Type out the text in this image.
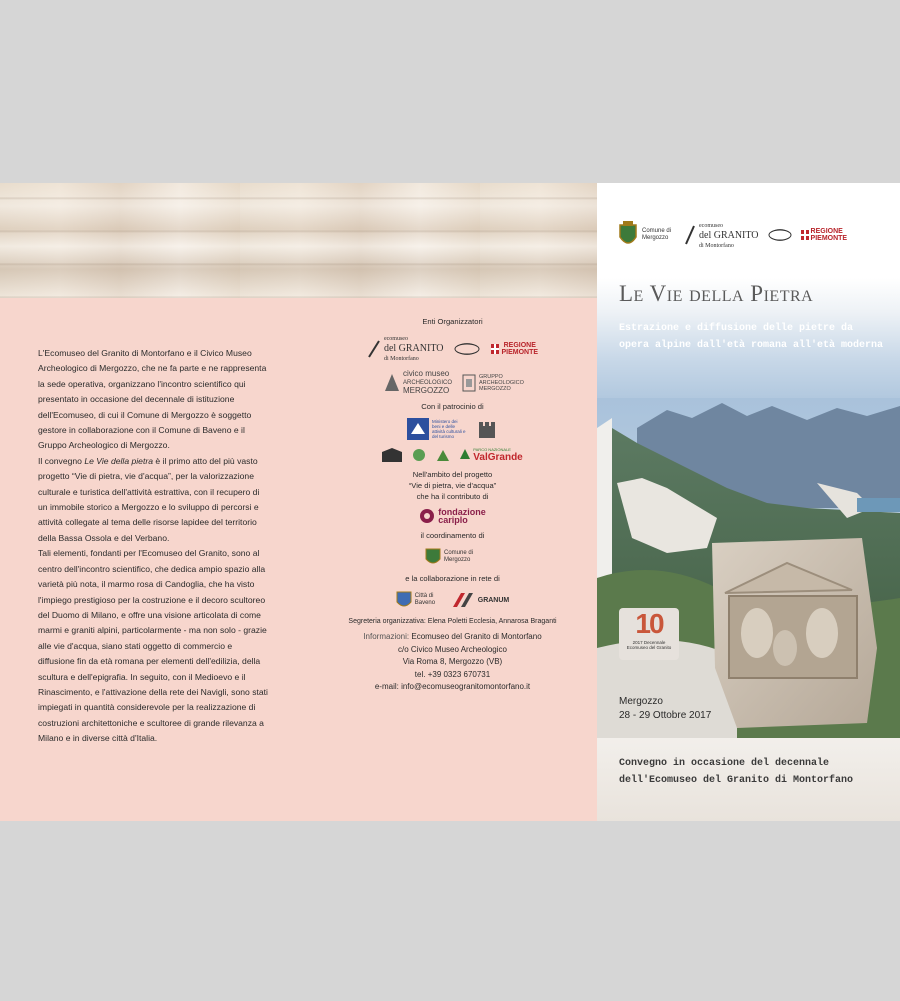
L'Ecomuseo del Granito di Montorfano e il Civico Museo Archeologico di Mergozzo, che ne fa parte e ne rappresenta la sede operativa, organizzano l'incontro scientifico qui presentato in occasione del decennale di istituzione dell'Ecomuseo, di cui il Comune di Mergozzo è soggetto gestore in collaborazione con il Comune di Baveno e il Gruppo Archeologico di Mergozzo.

Il convegno Le Vie della pietra è il primo atto del più vasto progetto “Vie di pietra, vie d'acqua”, per la valorizzazione culturale e turistica dell'attività estrattiva, con il recupero di un immobile storico a Mergozzo e lo sviluppo di percorsi e attività collegate al tema delle risorse lapidee del territorio della Bassa Ossola e del Verbano.

Tali elementi, fondanti per l'Ecomuseo del Granito, sono al centro dell'incontro scientifico, che dedica ampio spazio alla varietà più nota, il marmo rosa di Candoglia, che ha visto l'impiego prestigioso per la costruzione e il decoro scultoreo del Duomo di Milano, e offre una visione articolata di come marmi e graniti alpini, particolarmente - ma non solo - grazie alle vie d'acqua, siano stati oggetto di commercio e diffusione fin da età romana per elementi dell'edilizia, della scultura e dell'epigrafia. In seguito, con il Medioevo e il Rinascimento, e l'attivazione della rete dei Navigli, sono stati impiegati in quantità considerevole per la realizzazione di costruzioni architettoniche e scultoree di grande rilevanza a Milano e in diverse città d'Italia.

Enti Organizzatori

ecomuseo
del GRANITO
di Montorfano
REGIONE
PIEMONTE
civico museo
ARCHEOLOGICO
MERGOZZO
GRUPPO ARCHEOLOGICO MERGOZZO

Con il patrocinio di

Ministero dei beni e delle attività culturali e del turismo
PARCO NAZIONALE
ValGrande

Nell'ambito del progetto

“Vie di pietra, vie d'acqua”

che ha il contributo di

fondazione
cariplo

il coordinamento di

Comune di Mergozzo

e la collaborazione in rete di

Città di Baveno	GRANUM

Segreteria organizzativa: Elena Poletti Ecclesia, Annarosa Braganti

Informazioni: Ecomuseo del Granito di Montorfano
c/o Civico Museo Archeologico
Via Roma 8, Mergozzo (VB)
tel. +39 0323 670731
e-mail: info@ecomuseogranitomontorfano.it
Comune di Mergozzo
ecomuseo
del GRANITO
di Montorfano
REGIONE
PIEMONTE
Le Vie della Pietra
Estrazione e diffusione delle pietre da opera alpine dall'età romana all'età moderna
10
2017 Decennale
Ecomuseo del Granito
Mergozzo
28 - 29 Ottobre 2017
Convegno in occasione del decennale
dell'Ecomuseo del Granito di Montorfano
